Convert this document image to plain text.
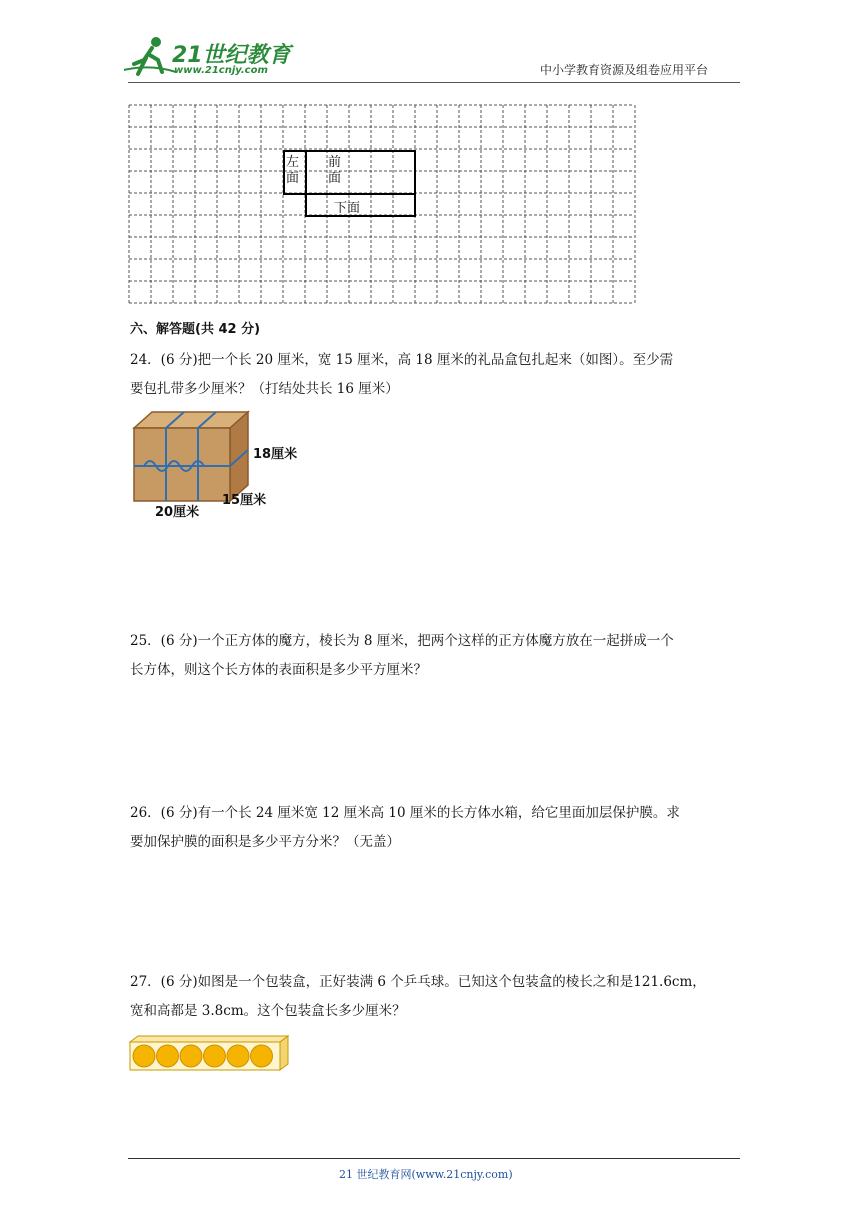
21世纪教育
www.21cnjy.com	中小学教育资源及组卷应用平台
左面
前面
下面
六、解答题(共 42 分)
24．(6 分)把一个长 20 厘米，宽 15 厘米，高 18 厘米的礼品盒包扎起来（如图）。至少需
要包扎带多少厘米？（打结处共长 16 厘米）
18厘米
15厘米
20厘米
25．(6 分)一个正方体的魔方，棱长为 8 厘米，把两个这样的正方体魔方放在一起拼成一个
长方体，则这个长方体的表面积是多少平方厘米？
26．(6 分)有一个长 24 厘米宽 12 厘米高 10 厘米的长方体水箱，给它里面加层保护膜。求
要加保护膜的面积是多少平方分米？（无盖）
27．(6 分)如图是一个包装盒，正好装满 6 个乒乓球。已知这个包装盒的棱长之和是121.6cm，
宽和高都是 3.8cm。这个包装盒长多少厘米？
21 世纪教育网(www.21cnjy.com)
